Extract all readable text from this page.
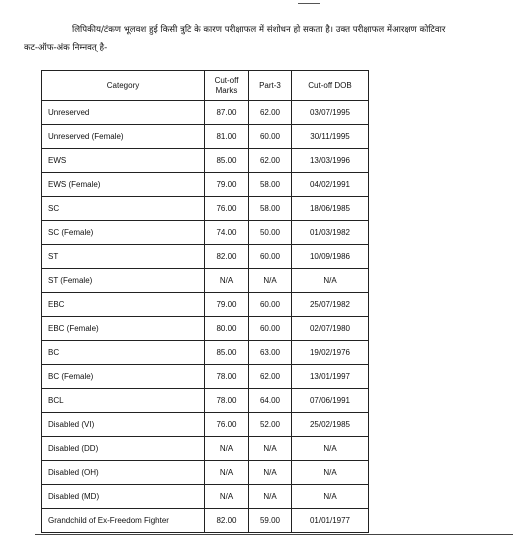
लिपिकीय/टंकण भूलवश हुई किसी त्रुटि के कारण परीक्षाफल में संशोधन हो सकता है। उक्त परीक्षाफल मेंआरक्षण कोटिवार
कट-ऑफ-अंक निम्नवत् है-

Category	Cut-off Marks	Part-3	Cut-off DOB
Unreserved	87.00	62.00	03/07/1995
Unreserved (Female)	81.00	60.00	30/11/1995
EWS	85.00	62.00	13/03/1996
EWS (Female)	79.00	58.00	04/02/1991
SC	76.00	58.00	18/06/1985
SC (Female)	74.00	50.00	01/03/1982
ST	82.00	60.00	10/09/1986
ST (Female)	N/A	N/A	N/A
EBC	79.00	60.00	25/07/1982
EBC (Female)	80.00	60.00	02/07/1980
BC	85.00	63.00	19/02/1976
BC (Female)	78.00	62.00	13/01/1997
BCL	78.00	64.00	07/06/1991
Disabled (VI)	76.00	52.00	25/02/1985
Disabled (DD)	N/A	N/A	N/A
Disabled (OH)	N/A	N/A	N/A
Disabled (MD)	N/A	N/A	N/A
Grandchild of Ex-Freedom Fighter	82.00	59.00	01/01/1977
